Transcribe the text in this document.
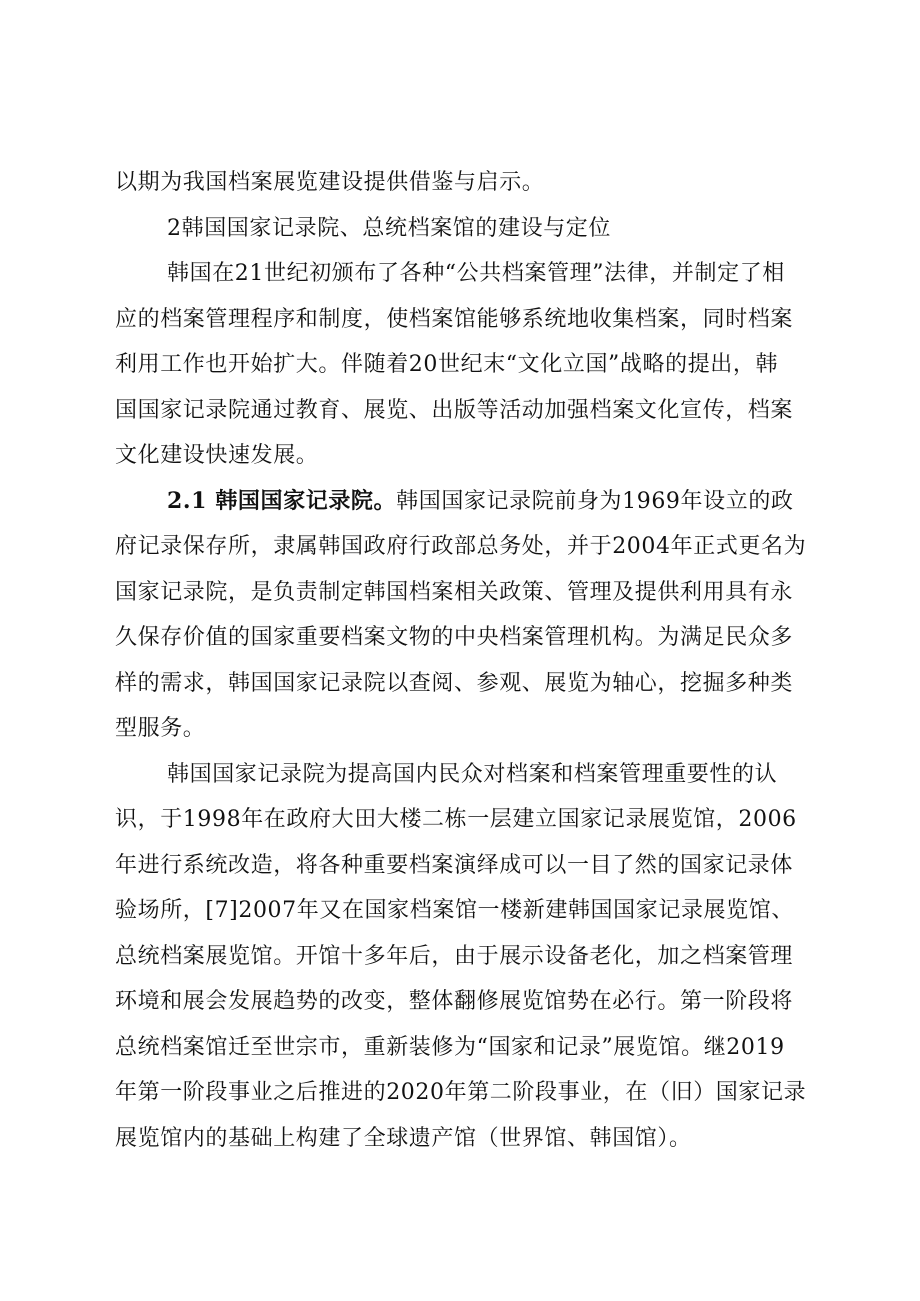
以期为我国档案展览建设提供借鉴与启示。
2韩国国家记录院、总统档案馆的建设与定位
韩国在21世纪初颁布了各种“公共档案管理”法律，并制定了相
应的档案管理程序和制度，使档案馆能够系统地收集档案，同时档案
利用工作也开始扩大。伴随着20世纪末“文化立国”战略的提出，韩
国国家记录院通过教育、展览、出版等活动加强档案文化宣传，档案
文化建设快速发展。
2.1 韩国国家记录院。韩国国家记录院前身为1969年设立的政
府记录保存所，隶属韩国政府行政部总务处，并于2004年正式更名为
国家记录院，是负责制定韩国档案相关政策、管理及提供利用具有永
久保存价值的国家重要档案文物的中央档案管理机构。为满足民众多
样的需求，韩国国家记录院以查阅、参观、展览为轴心，挖掘多种类
型服务。
韩国国家记录院为提高国内民众对档案和档案管理重要性的认
识，于1998年在政府大田大楼二栋一层建立国家记录展览馆，2006
年进行系统改造，将各种重要档案演绎成可以一目了然的国家记录体
验场所，[7]2007年又在国家档案馆一楼新建韩国国家记录展览馆、
总统档案展览馆。开馆十多年后，由于展示设备老化，加之档案管理
环境和展会发展趋势的改变，整体翻修展览馆势在必行。第一阶段将
总统档案馆迁至世宗市，重新装修为“国家和记录”展览馆。继2019
年第一阶段事业之后推进的2020年第二阶段事业，在（旧）国家记录
展览馆内的基础上构建了全球遗产馆（世界馆、韩国馆）。
